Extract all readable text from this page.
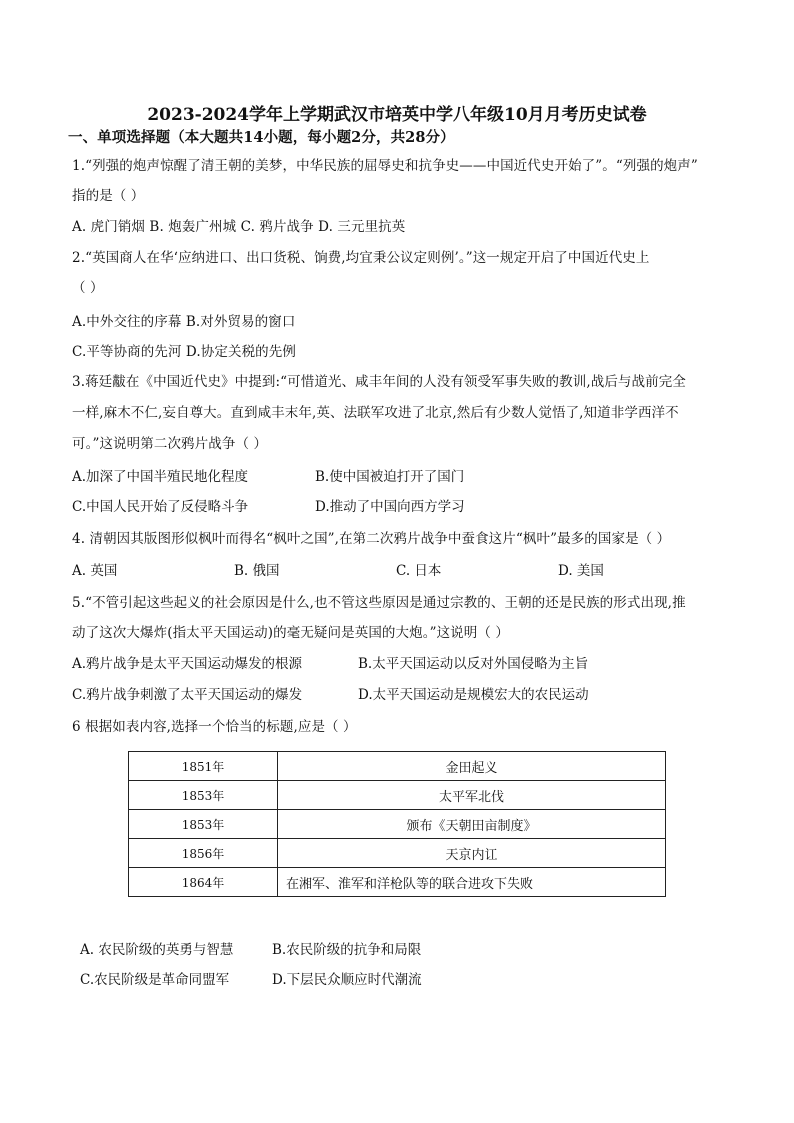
2023-2024学年上学期武汉市培英中学八年级10月月考历史试卷
一、单项选择题（本大题共14小题，每小题2分，共28分）
1.“列强的炮声惊醒了清王朝的美梦，中华民族的屈辱史和抗争史——中国近代史开始了”。“列强的炮声”
指的是（ ）
A. 虎门销烟 B. 炮轰广州城 C. 鸦片战争 D. 三元里抗英
2.“英国商人在华‘应纳进口、出口货税、饷费,均宜秉公议定则例’。”这一规定开启了中国近代史上
（ ）
A.中外交往的序幕 B.对外贸易的窗口
C.平等协商的先河 D.协定关税的先例
3.蒋廷黻在《中国近代史》中提到:“可惜道光、咸丰年间的人没有领受军事失败的教训,战后与战前完全
一样,麻木不仁,妄自尊大。直到咸丰末年,英、法联军攻进了北京,然后有少数人觉悟了,知道非学西洋不
可。”这说明第二次鸦片战争（ ）
A.加深了中国半殖民地化程度	B.使中国被迫打开了国门
C.中国人民开始了反侵略斗争	D.推动了中国向西方学习
4. 清朝因其版图形似枫叶而得名“枫叶之国”,在第二次鸦片战争中蚕食这片“枫叶”最多的国家是（ ）
A. 英国	B. 俄国	C. 日本	D. 美国
5.“不管引起这些起义的社会原因是什么,也不管这些原因是通过宗教的、王朝的还是民族的形式出现,推
动了这次大爆炸(指太平天国运动)的毫无疑问是英国的大炮。”这说明（ ）
A.鸦片战争是太平天国运动爆发的根源	B.太平天国运动以反对外国侵略为主旨
C.鸦片战争刺激了太平天国运动的爆发	D.太平天国运动是规模宏大的农民运动
6 根据如表内容,选择一个恰当的标题,应是（ ）
1851年	金田起义
1853年	太平军北伐
1853年	颁布《天朝田亩制度》
1856年	天京内讧
1864年	在湘军、淮军和洋枪队等的联合进攻下失败
A. 农民阶级的英勇与智慧	B.农民阶级的抗争和局限
C.农民阶级是革命同盟军	D.下层民众顺应时代潮流
